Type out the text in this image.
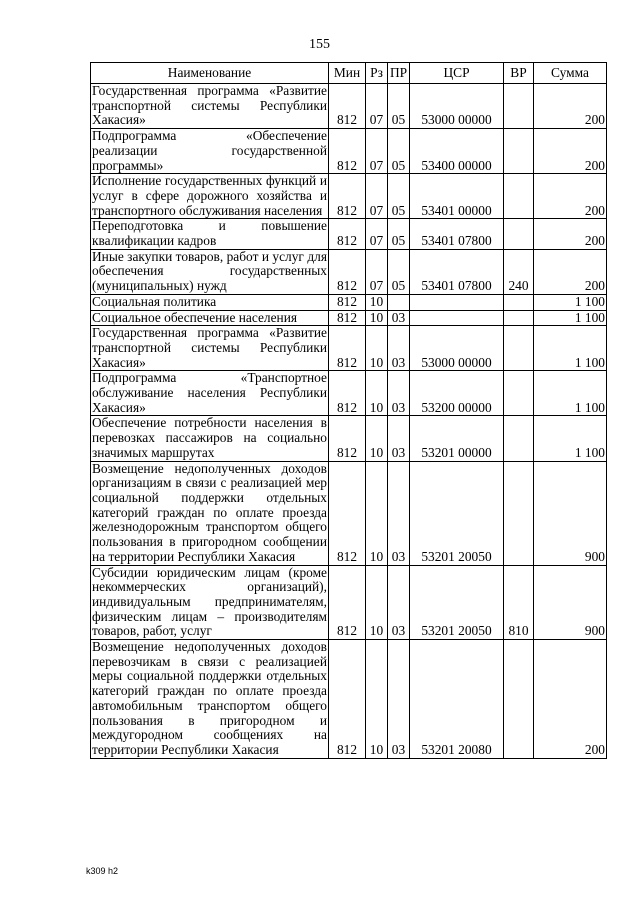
155
Наименование	Мин	Рз	ПР	ЦСР	ВР	Сумма
Государственная программа «Развитие транспортной системы Республики Хакасия»	812	07	05	53000 00000		200
Подпрограмма «Обеспечение реализации государственной программы»	812	07	05	53400 00000		200
Исполнение государственных функций и услуг в сфере дорожного хозяйства и транспортного обслуживания населения	812	07	05	53401 00000		200
Переподготовка и повышение квалификации кадров	812	07	05	53401 07800		200
Иные закупки товаров, работ и услуг для обеспечения государственных (муниципальных) нужд	812	07	05	53401 07800	240	200
Социальная политика	812	10				1 100
Социальное обеспечение населения	812	10	03			1 100
Государственная программа «Развитие транспортной системы Республики Хакасия»	812	10	03	53000 00000		1 100
Подпрограмма «Транспортное обслуживание населения Республики Хакасия»	812	10	03	53200 00000		1 100
Обеспечение потребности населения в перевозках пассажиров на социально значимых маршрутах	812	10	03	53201 00000		1 100
Возмещение недополученных доходов организациям в связи с реализацией мер социальной поддержки отдельных категорий граждан по оплате проезда железнодорожным транспортом общего пользования в пригородном сообщении на территории Республики Хакасия	812	10	03	53201 20050		900
Субсидии юридическим лицам (кроме некоммерческих организаций), индивидуальным предпринимателям, физическим лицам – производителям товаров, работ, услуг	812	10	03	53201 20050	810	900
Возмещение недополученных доходов перевозчикам в связи с реализацией меры социальной поддержки отдельных категорий граждан по оплате проезда автомобильным транспортом общего пользования в пригородном и междугородном сообщениях на территории Республики Хакасия	812	10	03	53201 20080		200
k309 h2
